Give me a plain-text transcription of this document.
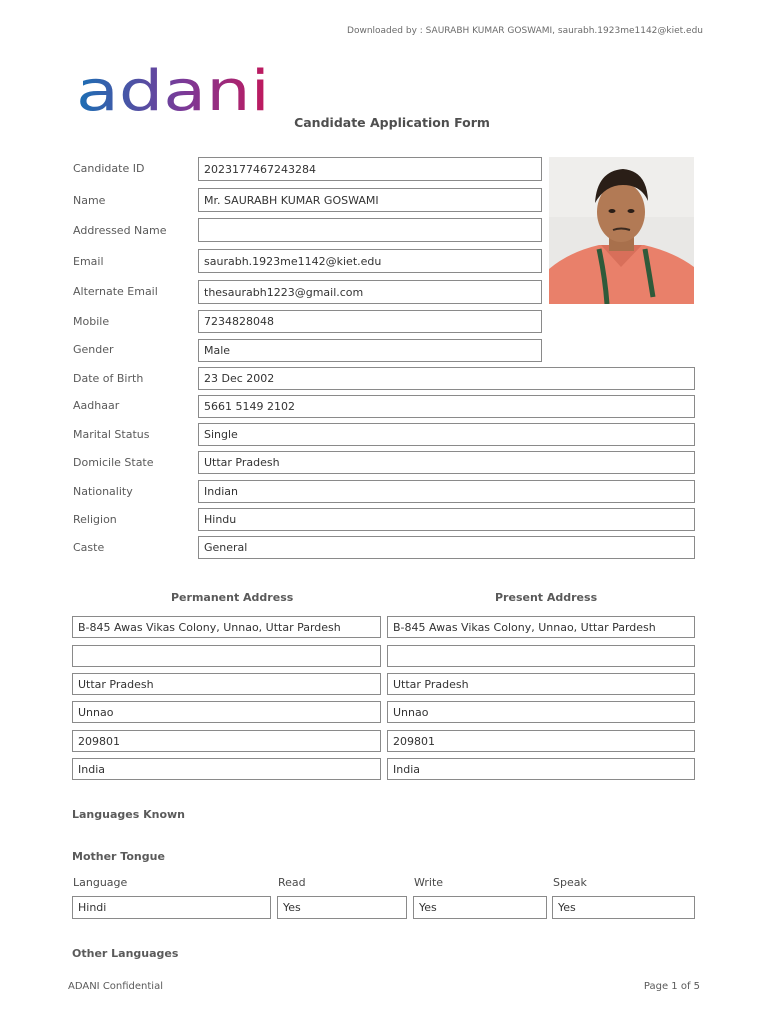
Downloaded by : SAURABH KUMAR GOSWAMI, saurabh.1923me1142@kiet.edu
adani	Candidate Application Form
Candidate ID	2023177467243284
Name	Mr. SAURABH KUMAR GOSWAMI
Addressed Name
Email	saurabh.1923me1142@kiet.edu
Alternate Email	thesaurabh1223@gmail.com
Mobile	7234828048
Gender	Male
Date of Birth	23 Dec 2002
Aadhaar	5661 5149 2102
Marital Status	Single
Domicile State	Uttar Pradesh
Nationality	Indian
Religion	Hindu
Caste	General
Permanent Address	Present Address
B-845 Awas Vikas Colony, Unnao, Uttar Pardesh	B-845 Awas Vikas Colony, Unnao, Uttar Pardesh
Uttar Pradesh	Uttar Pradesh
Unnao	Unnao
209801	209801
India	India
Languages Known
Mother Tongue
Language	Read	Write	Speak
Hindi	Yes	Yes	Yes
Other Languages
ADANI Confidential	Page 1 of 5
